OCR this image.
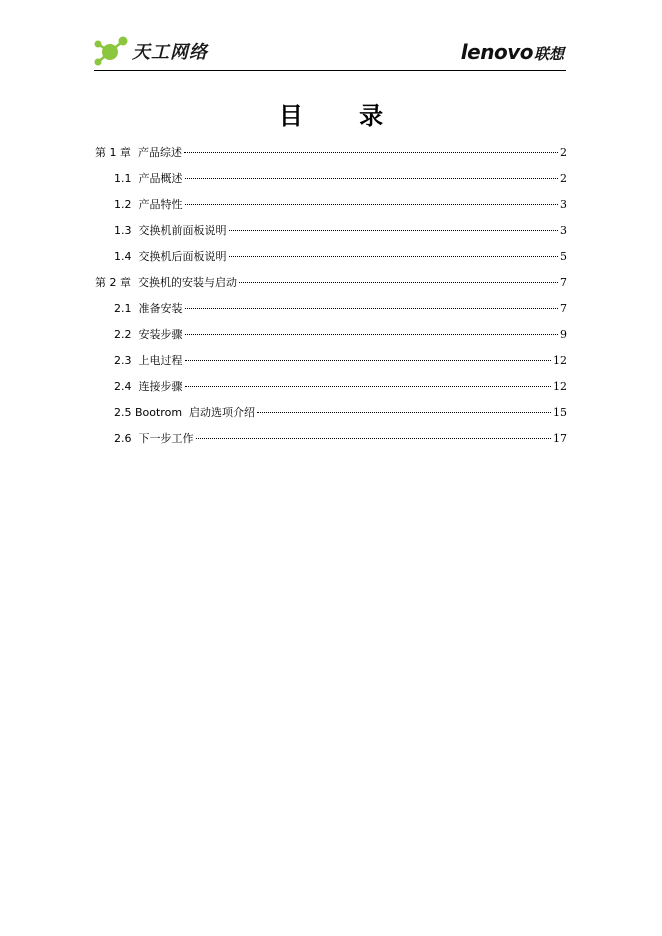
天工网络	lenovo 联想
目 录
第 1 章  产品综述	2
1.1  产品概述	2
1.2  产品特性	3
1.3  交换机前面板说明	3
1.4  交换机后面板说明	5
第 2 章  交换机的安装与启动	7
2.1  准备安装	7
2.2  安装步骤	9
2.3  上电过程	12
2.4  连接步骤	12
2.5 Bootrom  启动选项介绍	15
2.6  下一步工作	17
